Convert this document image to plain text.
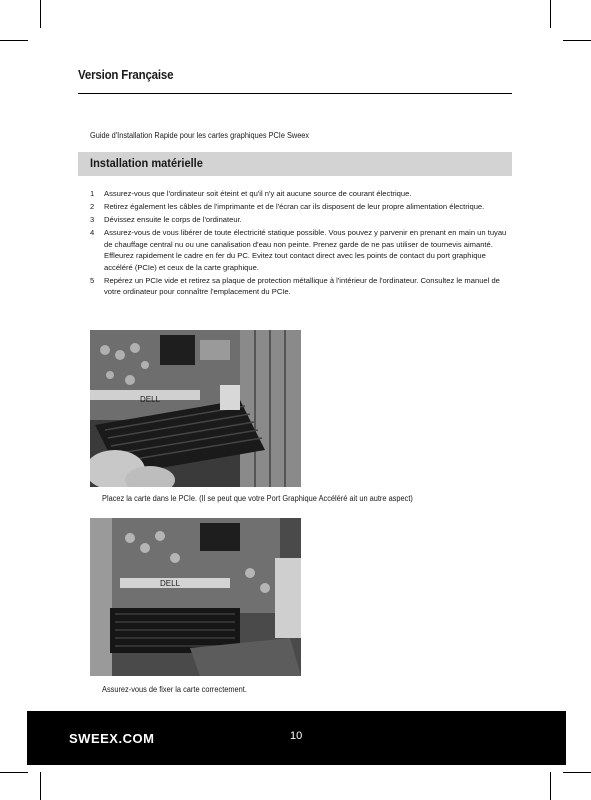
Version Française
Guide d'Installation Rapide pour les cartes graphiques PCIe Sweex
Installation matérielle
1 Assurez-vous que l'ordinateur soit éteint et qu'il n'y ait aucune source de courant électrique.
2 Retirez également les câbles de l'imprimante et de l'écran car ils disposent de leur propre alimentation électrique.
3 Dévissez ensuite le corps de l'ordinateur.
4 Assurez-vous de vous libérer de toute électricité statique possible. Vous pouvez y parvenir en prenant en main un tuyau de chauffage central nu ou une canalisation d'eau non peinte. Prenez garde de ne pas utiliser de tournevis aimanté. Effleurez rapidement le cadre en fer du PC. Evitez tout contact direct avec les points de contact du port graphique accéléré (PCIe) et ceux de la carte graphique.
5 Repérez un PCIe vide et retirez sa plaque de protection métallique à l'intérieur de l'ordinateur. Consultez le manuel de votre ordinateur pour connaître l'emplacement du PCIe.
DELL
Placez la carte dans le PCIe. (Il se peut que votre Port Graphique Accéléré ait un autre aspect)
DELL
Assurez-vous de fixer la carte correctement.
SWEEX.COM	10
